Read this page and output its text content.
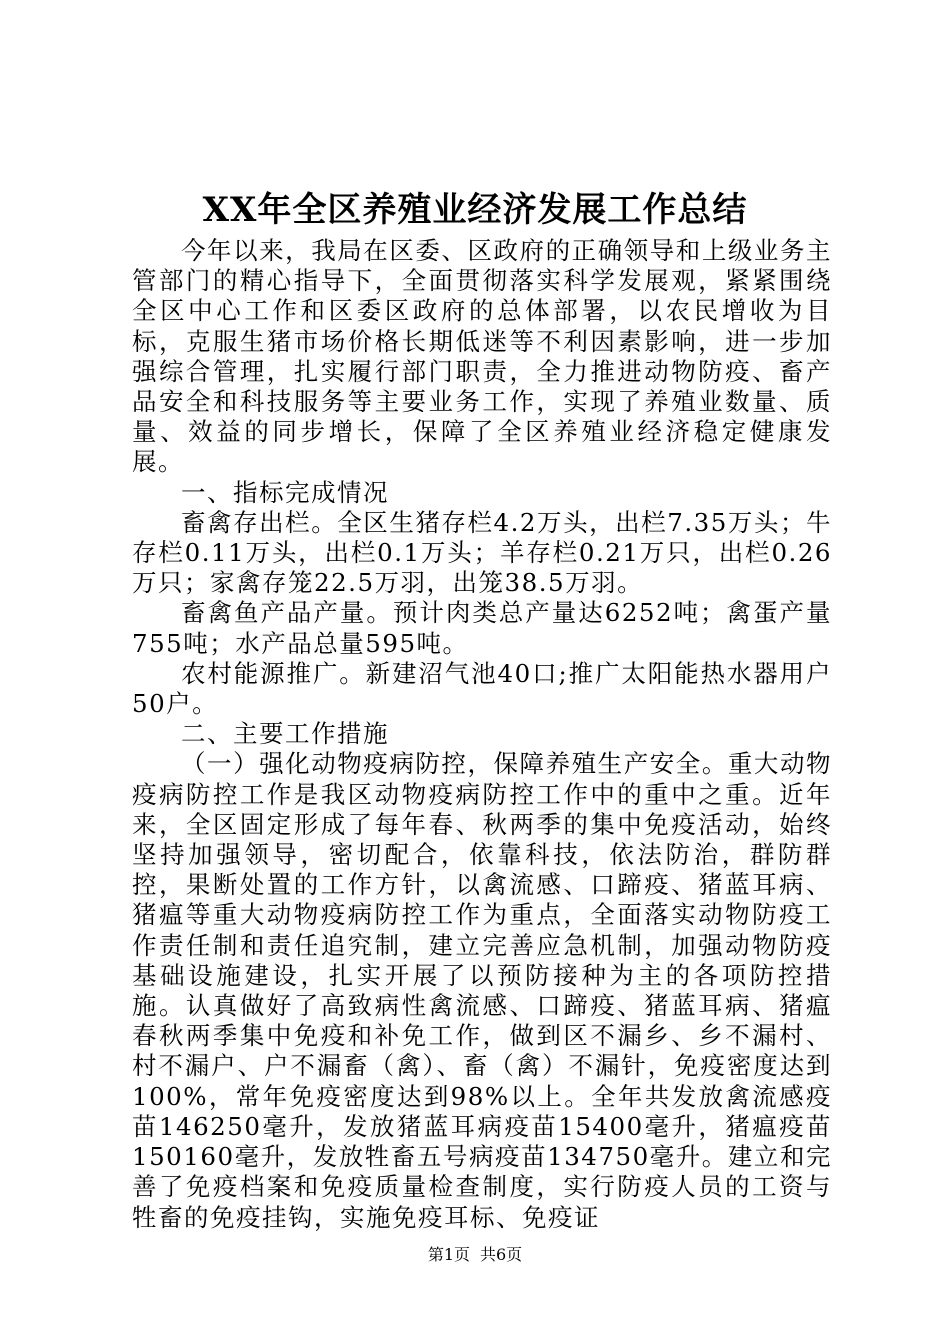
XX年全区养殖业经济发展工作总结

今年以来，我局在区委、区政府的正确领导和上级业务主管部门的精心指导下，全面贯彻落实科学发展观，紧紧围绕全区中心工作和区委区政府的总体部署，以农民增收为目标，克服生猪市场价格长期低迷等不利因素影响，进一步加强综合管理，扎实履行部门职责，全力推进动物防疫、畜产品安全和科技服务等主要业务工作，实现了养殖业数量、质量、效益的同步增长，保障了全区养殖业经济稳定健康发展。

一、指标完成情况

畜禽存出栏。全区生猪存栏4.2万头，出栏7.35万头；牛存栏0.11万头，出栏0.1万头；羊存栏0.21万只，出栏0.26万只；家禽存笼22.5万羽，出笼38.5万羽。

畜禽鱼产品产量。预计肉类总产量达6252吨；禽蛋产量755吨；水产品总量595吨。

农村能源推广。新建沼气池40口;推广太阳能热水器用户50户。

二、主要工作措施

（一）强化动物疫病防控，保障养殖生产安全。重大动物疫病防控工作是我区动物疫病防控工作中的重中之重。近年来，全区固定形成了每年春、秋两季的集中免疫活动，始终坚持加强领导，密切配合，依靠科技，依法防治，群防群控，果断处置的工作方针，以禽流感、口蹄疫、猪蓝耳病、猪瘟等重大动物疫病防控工作为重点，全面落实动物防疫工作责任制和责任追究制，建立完善应急机制，加强动物防疫基础设施建设，扎实开展了以预防接种为主的各项防控措施。认真做好了高致病性禽流感、口蹄疫、猪蓝耳病、猪瘟春秋两季集中免疫和补免工作，做到区不漏乡、乡不漏村、村不漏户、户不漏畜（禽）、畜（禽）不漏针，免疫密度达到100%，常年免疫密度达到98%以上。全年共发放禽流感疫苗146250毫升，发放猪蓝耳病疫苗15400毫升，猪瘟疫苗150160毫升，发放牲畜五号病疫苗134750毫升。建立和完善了免疫档案和免疫质量检查制度，实行防疫人员的工资与牲畜的免疫挂钩，实施免疫耳标、免疫证

第1页 共6页
